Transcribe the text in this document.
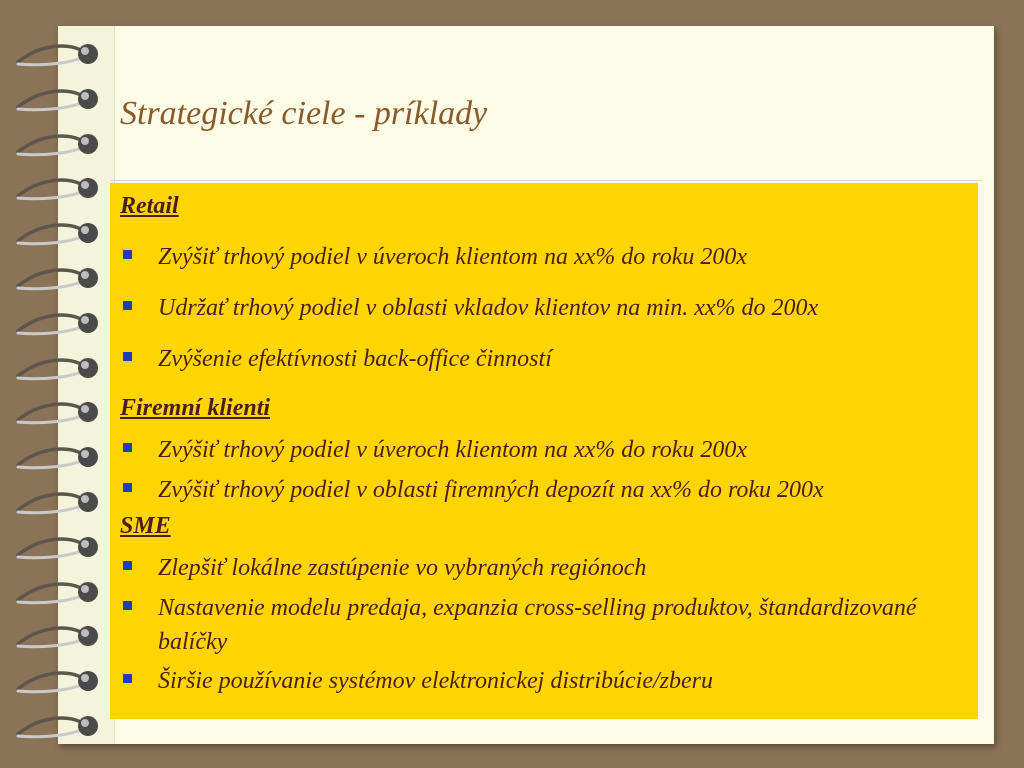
Strategické ciele - príklady
Retail

Zvýšiť trhový podiel v úveroch klientom na xx% do roku 200x

Udržať trhový podiel v oblasti vkladov klientov na min. xx% do 200x

Zvýšenie efektívnosti back-office činností

Firemní klienti

Zvýšiť trhový podiel v úveroch klientom na xx% do roku 200x

Zvýšiť trhový podiel v oblasti firemných depozít na xx% do roku 200x

SME

Zlepšiť lokálne zastúpenie vo vybraných regiónoch

Nastavenie modelu predaja, expanzia cross-selling produktov, štandardizované balíčky

Širšie používanie systémov elektronickej distribúcie/zberu
